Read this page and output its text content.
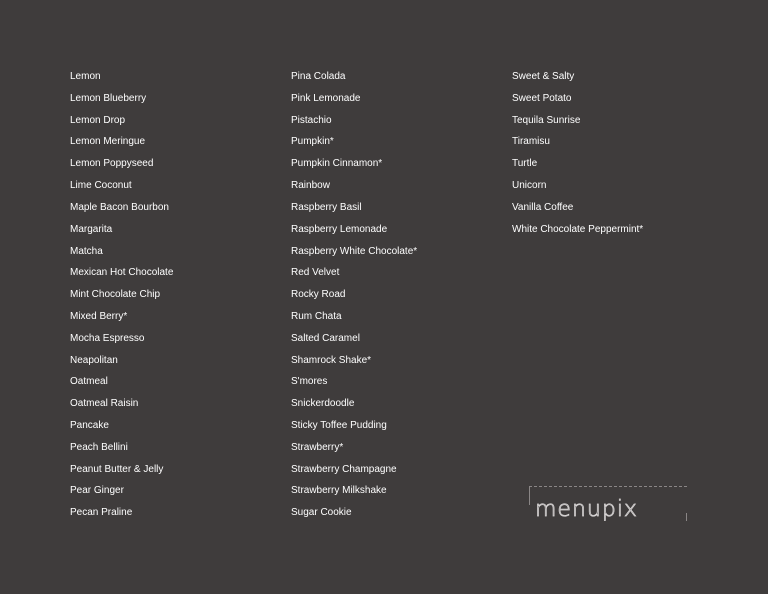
Lemon
Lemon Blueberry
Lemon Drop
Lemon Meringue
Lemon Poppyseed
Lime Coconut
Maple Bacon Bourbon
Margarita
Matcha
Mexican Hot Chocolate
Mint Chocolate Chip
Mixed Berry*
Mocha Espresso
Neapolitan
Oatmeal
Oatmeal Raisin
Pancake
Peach Bellini
Peanut Butter & Jelly
Pear Ginger
Pecan Praline
Pina Colada
Pink Lemonade
Pistachio
Pumpkin*
Pumpkin Cinnamon*
Rainbow
Raspberry Basil
Raspberry Lemonade
Raspberry White Chocolate*
Red Velvet
Rocky Road
Rum Chata
Salted Caramel
Shamrock Shake*
S'mores
Snickerdoodle
Sticky Toffee Pudding
Strawberry*
Strawberry Champagne
Strawberry Milkshake
Sugar Cookie
Sweet & Salty
Sweet Potato
Tequila Sunrise
Tiramisu
Turtle
Unicorn
Vanilla Coffee
White Chocolate Peppermint*
menupix
